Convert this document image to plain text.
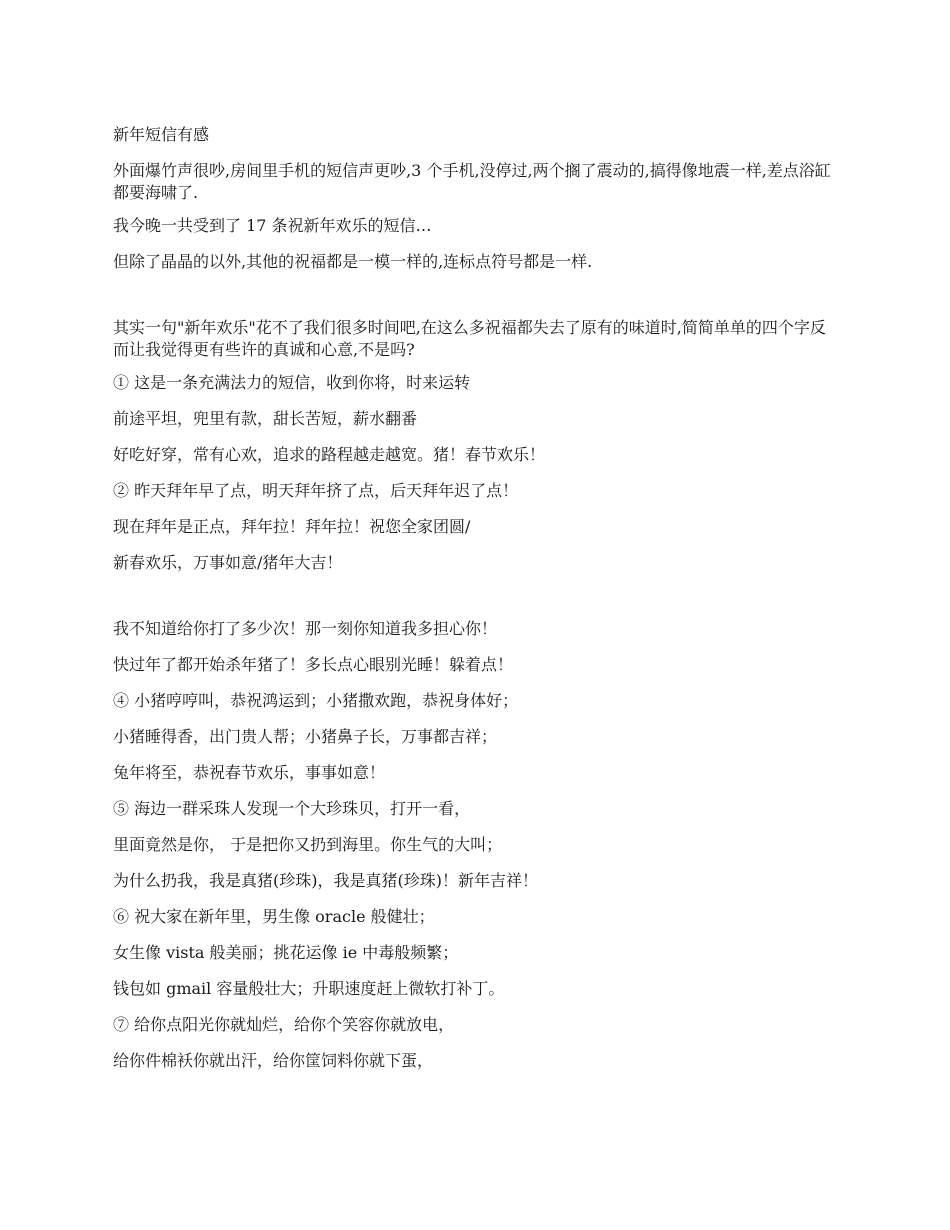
新年短信有感

外面爆竹声很吵,房间里手机的短信声更吵,3 个手机,没停过,两个搁了震动的,搞得像地震一样,差点浴缸都要海啸了.

我今晚一共受到了 17 条祝新年欢乐的短信…

但除了晶晶的以外,其他的祝福都是一模一样的,连标点符号都是一样.

其实一句"新年欢乐"花不了我们很多时间吧,在这么多祝福都失去了原有的味道时,简简单单的四个字反而让我觉得更有些许的真诚和心意,不是吗?

① 这是一条充满法力的短信，收到你将，时来运转

前途平坦，兜里有款，甜长苦短，薪水翻番

好吃好穿，常有心欢，追求的路程越走越宽。猪！春节欢乐！

② 昨天拜年早了点，明天拜年挤了点，后天拜年迟了点！

现在拜年是正点，拜年拉！拜年拉！祝您全家团圆/

新春欢乐，万事如意/猪年大吉！

我不知道给你打了多少次！那一刻你知道我多担心你！

快过年了都开始杀年猪了！多长点心眼别光睡！躲着点！

④ 小猪哼哼叫，恭祝鸿运到；小猪撒欢跑，恭祝身体好；

小猪睡得香，出门贵人帮；小猪鼻子长，万事都吉祥；

兔年将至，恭祝春节欢乐，事事如意！

⑤ 海边一群采珠人发现一个大珍珠贝，打开一看，

里面竟然是你， 于是把你又扔到海里。你生气的大叫；

为什么扔我，我是真猪(珍珠)，我是真猪(珍珠)！新年吉祥！

⑥ 祝大家在新年里，男生像 oracle 般健壮；

女生像 vista 般美丽；挑花运像 ie 中毒般频繁；

钱包如 gmail 容量般壮大；升职速度赶上微软打补丁。

⑦ 给你点阳光你就灿烂，给你个笑容你就放电，

给你件棉袄你就出汗，给你筐饲料你就下蛋，
